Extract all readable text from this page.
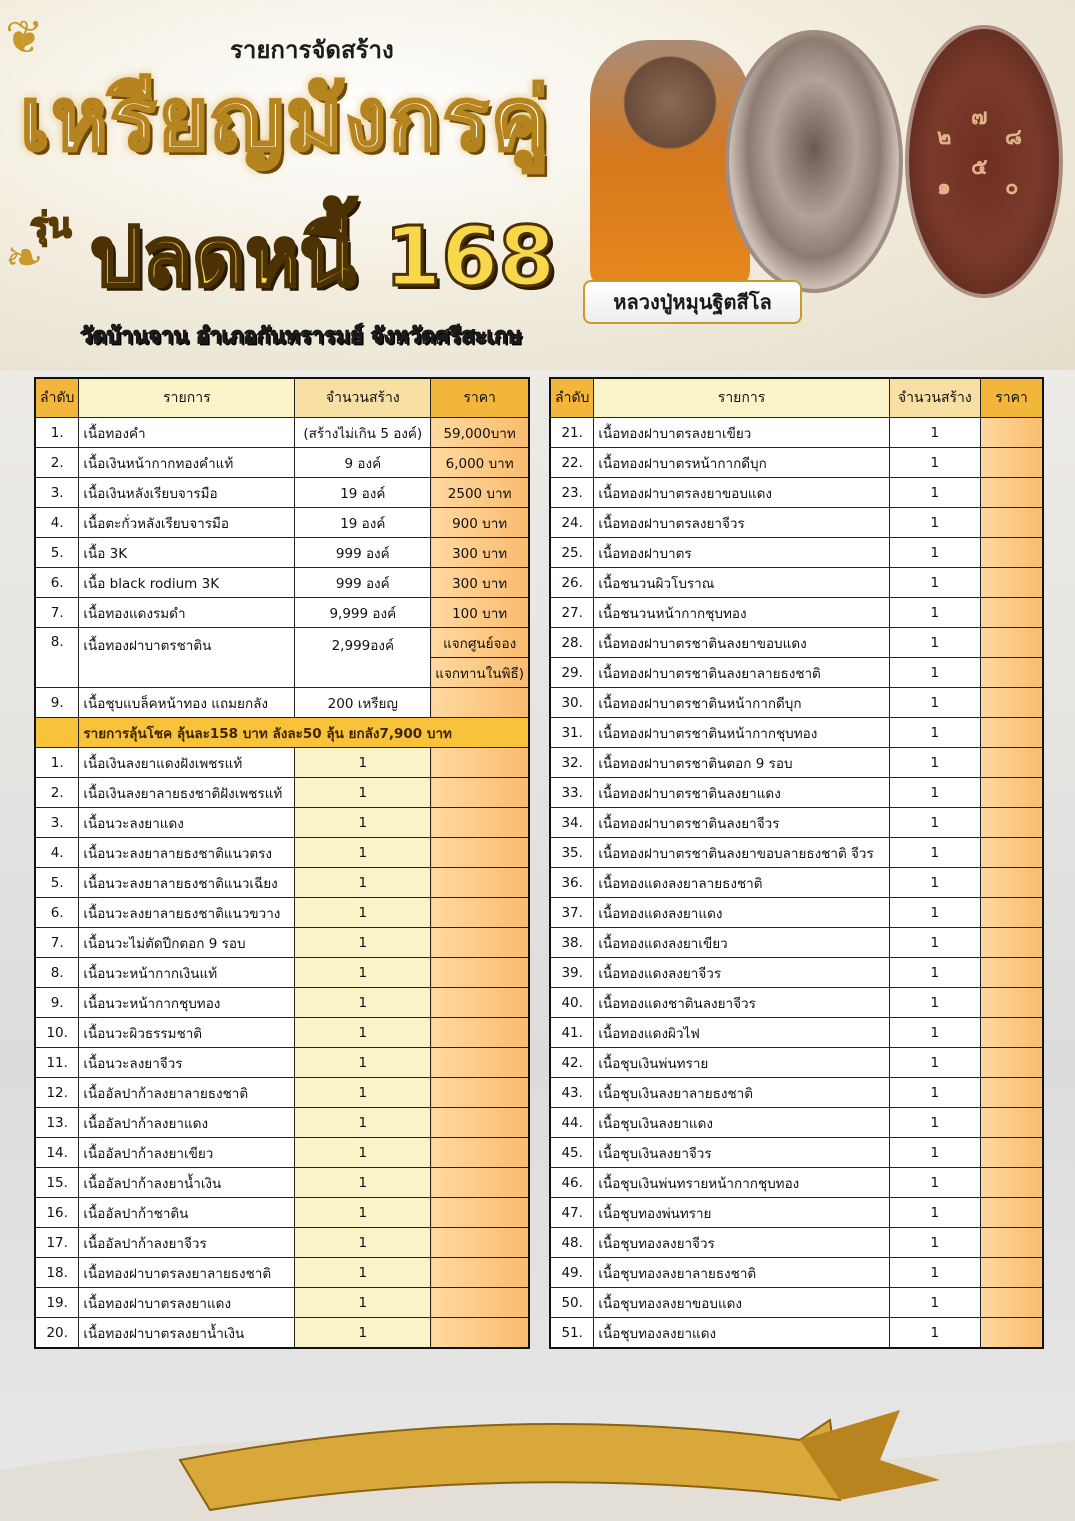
❦
❧
รายการจัดสร้าง
เหรียญมังกรคู่
รุ่น ปลดหนี้ 168
วัดบ้านจาน อำเภอกันทรารมย์ จังหวัดศรีสะเกษ
๒
๗
๘
๑
๕
๐
หลวงปู่หมุนฐิตสีโล
ลำดับ	รายการ	จำนวนสร้าง	ราคา
1.	เนื้อทองคำ	(สร้างไม่เกิน 5 องค์)	59,000บาท
2.	เนื้อเงินหน้ากากทองคำแท้	9 องค์	6,000 บาท
3.	เนื้อเงินหลังเรียบจารมือ	19 องค์	2500 บาท
4.	เนื้อตะกั่วหลังเรียบจารมือ	19 องค์	900 บาท
5.	เนื้อ 3K	999 องค์	300 บาท
6.	เนื้อ black rodium 3K	999 องค์	300 บาท
7.	เนื้อทองแดงรมดำ	9,999 องค์	100 บาท
8.	เนื้อทองฝาบาตรชาติน	2,999องค์	แจกศูนย์จอง
			แจกทานในพิธี)
9.	เนื้อชุบแบล็คหน้าทอง แถมยกลัง	200 เหรียญ	
	รายการลุ้นโชค ลุ้นละ158 บาท ลังละ50 ลุ้น ยกลัง7,900 บาท		
1.	เนื้อเงินลงยาแดงฝังเพชรแท้	1	
2.	เนื้อเงินลงยาลายธงชาติฝังเพชรแท้	1	
3.	เนื้อนวะลงยาแดง	1	
4.	เนื้อนวะลงยาลายธงชาติแนวตรง	1	
5.	เนื้อนวะลงยาลายธงชาติแนวเฉียง	1	
6.	เนื้อนวะลงยาลายธงชาติแนวขวาง	1	
7.	เนื้อนวะไม่ตัดปีกตอก 9 รอบ	1	
8.	เนื้อนวะหน้ากากเงินแท้	1	
9.	เนื้อนวะหน้ากากชุบทอง	1	
10.	เนื้อนวะผิวธรรมชาติ	1	
11.	เนื้อนวะลงยาจีวร	1	
12.	เนื้ออัลปาก้าลงยาลายธงชาติ	1	
13.	เนื้ออัลปาก้าลงยาแดง	1	
14.	เนื้ออัลปาก้าลงยาเขียว	1	
15.	เนื้ออัลปาก้าลงยาน้ำเงิน	1	
16.	เนื้ออัลปาก้าชาติน	1	
17.	เนื้ออัลปาก้าลงยาจีวร	1	
18.	เนื้อทองฝาบาตรลงยาลายธงชาติ	1	
19.	เนื้อทองฝาบาตรลงยาแดง	1	
20.	เนื้อทองฝาบาตรลงยาน้ำเงิน	1	
ลำดับ	รายการ	จำนวนสร้าง	ราคา
21.	เนื้อทองฝาบาตรลงยาเขียว	1	
22.	เนื้อทองฝาบาตรหน้ากากดีบุก	1	
23.	เนื้อทองฝาบาตรลงยาขอบแดง	1	
24.	เนื้อทองฝาบาตรลงยาจีวร	1	
25.	เนื้อทองฝาบาตร	1	
26.	เนื้อชนวนผิวโบราณ	1	
27.	เนื้อชนวนหน้ากากชุบทอง	1	
28.	เนื้อทองฝาบาตรชาตินลงยาขอบแดง	1	
29.	เนื้อทองฝาบาตรชาตินลงยาลายธงชาติ	1	
30.	เนื้อทองฝาบาตรชาตินหน้ากากดีบุก	1	
31.	เนื้อทองฝาบาตรชาตินหน้ากากชุบทอง	1	
32.	เนื้อทองฝาบาตรชาตินตอก 9 รอบ	1	
33.	เนื้อทองฝาบาตรชาตินลงยาแดง	1	
34.	เนื้อทองฝาบาตรชาตินลงยาจีวร	1	
35.	เนื้อทองฝาบาตรชาตินลงยาขอบลายธงชาติ จีวร	1	
36.	เนื้อทองแดงลงยาลายธงชาติ	1	
37.	เนื้อทองแดงลงยาแดง	1	
38.	เนื้อทองแดงลงยาเขียว	1	
39.	เนื้อทองแดงลงยาจีวร	1	
40.	เนื้อทองแดงชาตินลงยาจีวร	1	
41.	เนื้อทองแดงผิวไฟ	1	
42.	เนื้อชุบเงินพ่นทราย	1	
43.	เนื้อชุบเงินลงยาลายธงชาติ	1	
44.	เนื้อชุบเงินลงยาแดง	1	
45.	เนื้อชุบเงินลงยาจีวร	1	
46.	เนื้อชุบเงินพ่นทรายหน้ากากชุบทอง	1	
47.	เนื้อชุบทองพ่นทราย	1	
48.	เนื้อชุบทองลงยาจีวร	1	
49.	เนื้อชุบทองลงยาลายธงชาติ	1	
50.	เนื้อชุบทองลงยาขอบแดง	1	
51.	เนื้อชุบทองลงยาแดง	1	
